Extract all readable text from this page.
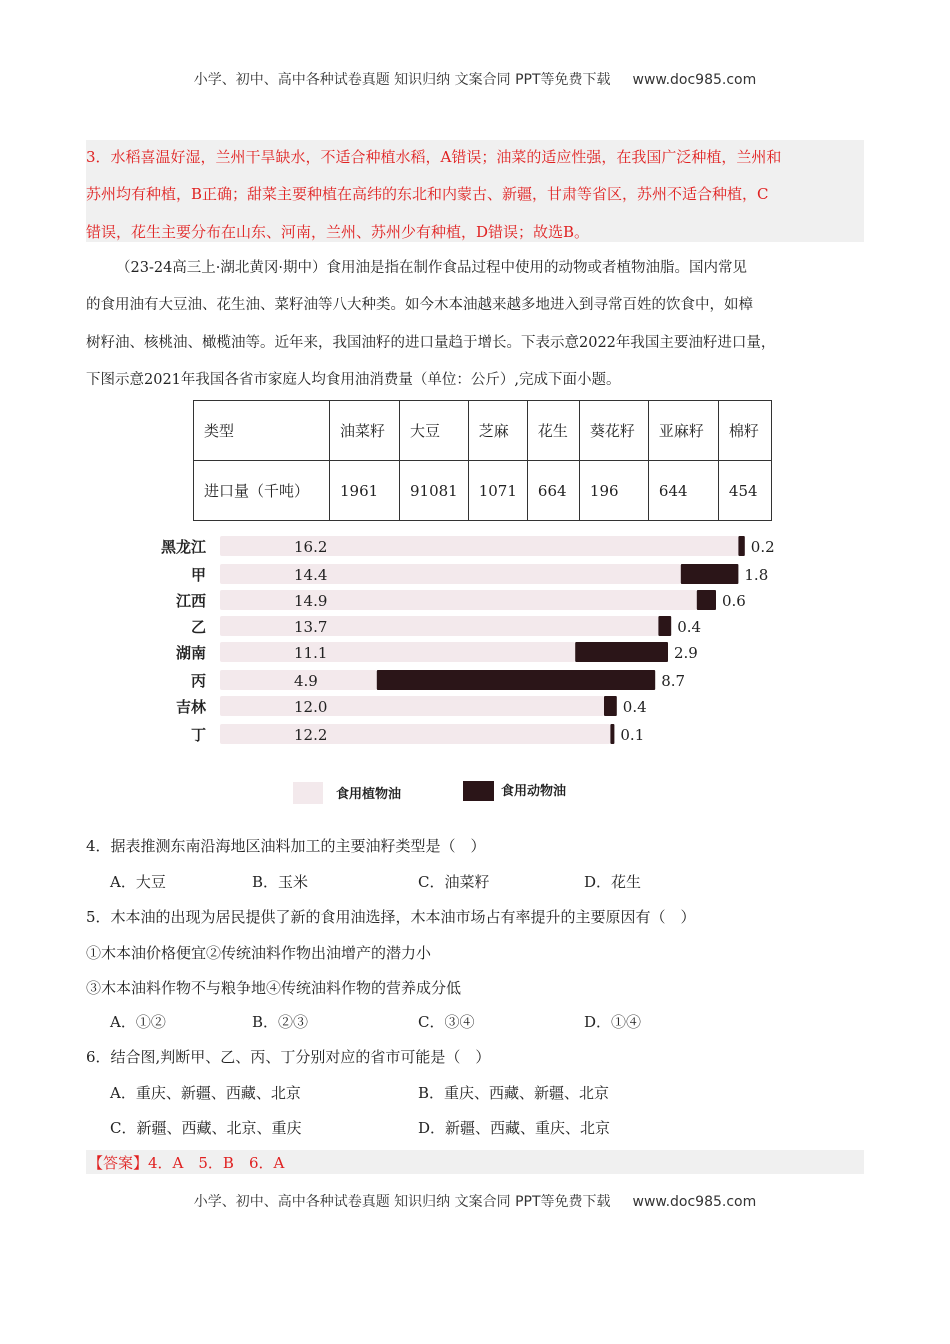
小学、初中、高中各种试卷真题 知识归纳 文案合同 PPT等免费下载 www.doc985.com
3．水稻喜温好湿，兰州干旱缺水，不适合种植水稻，A错误；油菜的适应性强，在我国广泛种植，兰州和
苏州均有种植，B正确；甜菜主要种植在高纬的东北和内蒙古、新疆，甘肃等省区，苏州不适合种植，C
错误，花生主要分布在山东、河南，兰州、苏州少有种植，D错误；故选B。
（23-24高三上·湖北黄冈·期中）食用油是指在制作食品过程中使用的动物或者植物油脂。国内常见
的食用油有大豆油、花生油、菜籽油等八大种类。如今木本油越来越多地进入到寻常百姓的饮食中，如樟
树籽油、核桃油、橄榄油等。近年来，我国油籽的进口量趋于增长。下表示意2022年我国主要油籽进口量，
下图示意2021年我国各省市家庭人均食用油消费量（单位：公斤）,完成下面小题。
类型	油菜籽	大豆	芝麻	花生	葵花籽	亚麻籽	棉籽
进口量（千吨）	1961	91081	1071	664	196	644	454
黑龙江	16.2	0.2
甲	14.4	1.8
江西	14.9	0.6
乙	13.7	0.4
湖南	11.1	2.9
丙	4.9	8.7
吉林	12.0	0.4
丁	12.2	0.1
食用植物油	食用动物油
4．据表推测东南沿海地区油料加工的主要油籽类型是（　）
A．大豆	B．玉米	C．油菜籽	D．花生
5．木本油的出现为居民提供了新的食用油选择，木本油市场占有率提升的主要原因有（　）
①木本油价格便宜②传统油料作物出油增产的潜力小
③木本油料作物不与粮争地④传统油料作物的营养成分低
A．①②	B．②③	C．③④	D．①④
6．结合图,判断甲、乙、丙、丁分别对应的省市可能是（　）
A．重庆、新疆、西藏、北京	B．重庆、西藏、新疆、北京
C．新疆、西藏、北京、重庆	D．新疆、西藏、重庆、北京
【答案】4．A　5．B　6．A
小学、初中、高中各种试卷真题 知识归纳 文案合同 PPT等免费下载 www.doc985.com
